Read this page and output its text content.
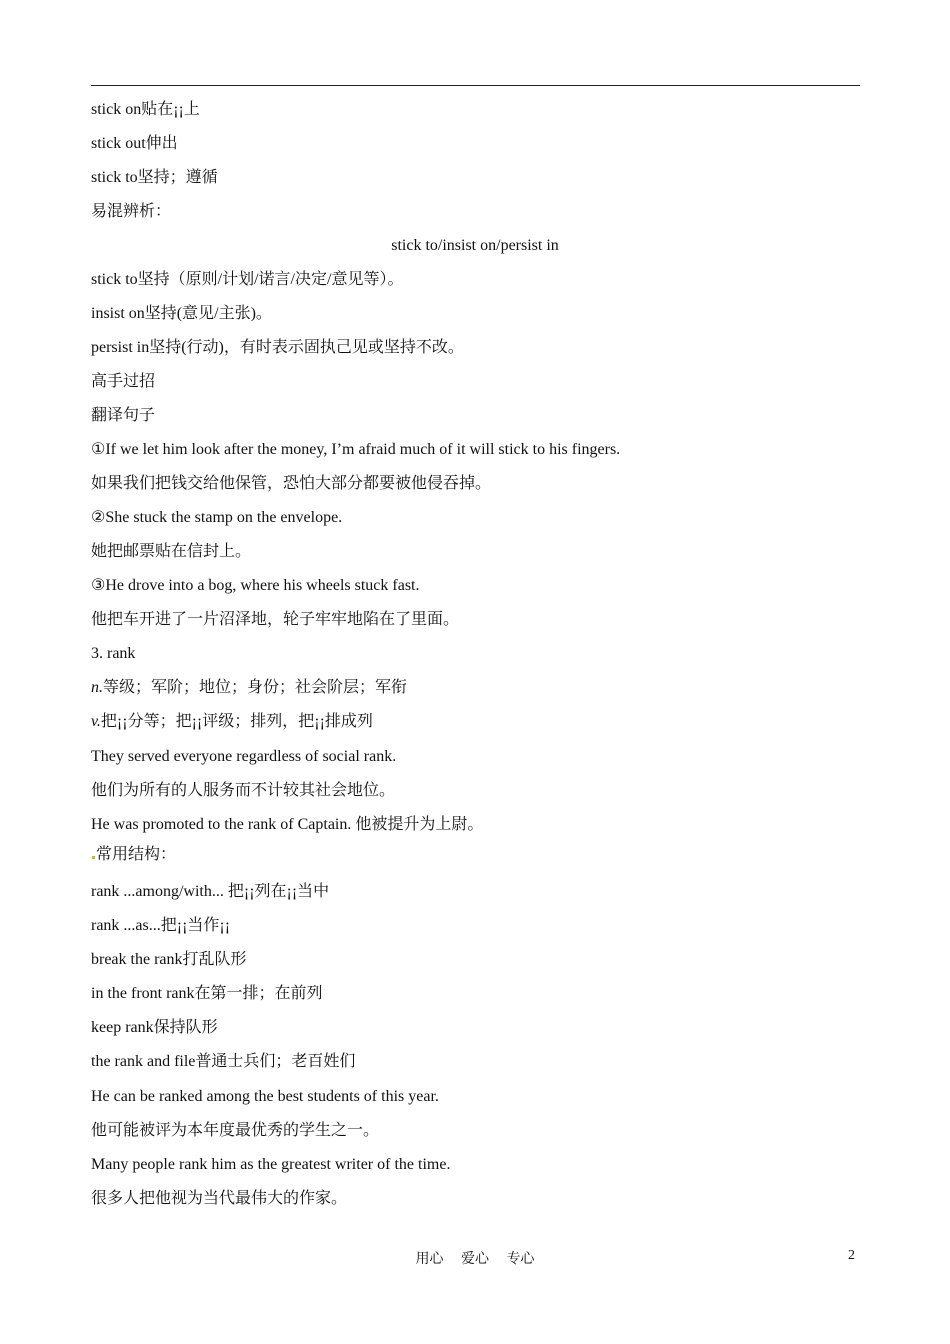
stick on贴在¡¡上
stick out伸出
stick to坚持；遵循
易混辨析：
stick to/insist on/persist in
stick to坚持（原则/计划/诺言/决定/意见等）。
insist on坚持(意见/主张)。
persist in坚持(行动)，有时表示固执己见或坚持不改。
高手过招
翻译句子
①If we let him look after the money, I’m afraid much of it will stick to his fingers.
如果我们把钱交给他保管，恐怕大部分都要被他侵吞掉。
②She stuck the stamp on the envelope.
她把邮票贴在信封上。
③He drove into a bog, where his wheels stuck fast.
他把车开进了一片沼泽地，轮子牢牢地陷在了里面。
3. rank
n.等级；军阶；地位；身份；社会阶层；军衔
v.把¡¡分等；把¡¡评级；排列，把¡¡排成列
They served everyone regardless of social rank.
他们为所有的人服务而不计较其社会地位。
He was promoted to the rank of Captain. 他被提升为上尉。
常用结构：
rank ...among/with... 把¡¡列在¡¡当中
rank ...as...把¡¡当作¡¡
break the rank打乱队形
in the front rank在第一排；在前列
keep rank保持队形
the rank and file普通士兵们；老百姓们
He can be ranked among the best students of this year.
他可能被评为本年度最优秀的学生之一。
Many people rank him as the greatest writer of the time.
很多人把他视为当代最伟大的作家。
用心 爱心 专心	2
